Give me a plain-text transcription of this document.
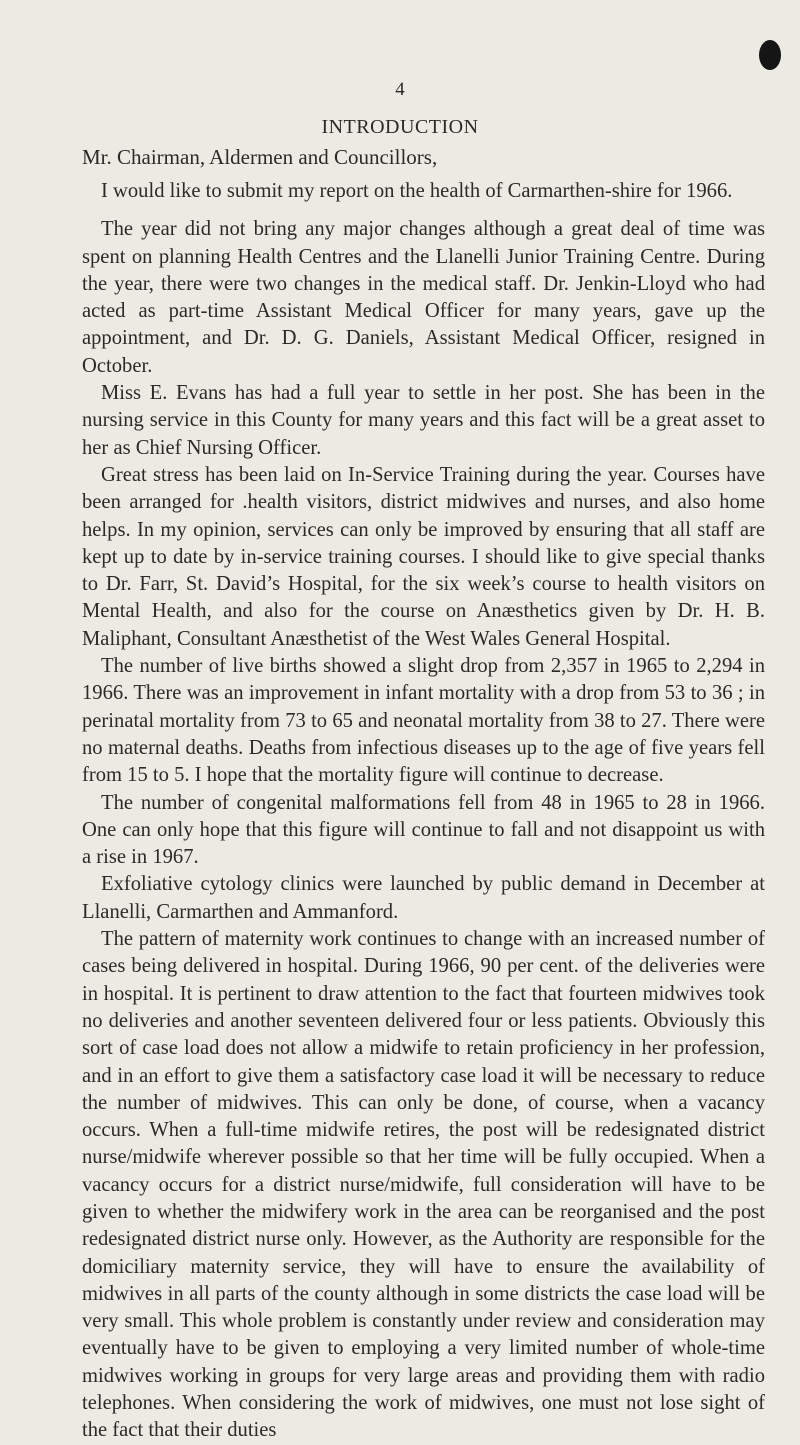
4
INTRODUCTION

Mr. Chairman, Aldermen and Councillors,

I would like to submit my report on the health of Carmarthen-shire for 1966.

The year did not bring any major changes although a great deal of time was spent on planning Health Centres and the Llanelli Junior Training Centre. During the year, there were two changes in the medical staff. Dr. Jenkin-Lloyd who had acted as part-time Assistant Medical Officer for many years, gave up the appointment, and Dr. D. G. Daniels, Assistant Medical Officer, resigned in October.

Miss E. Evans has had a full year to settle in her post. She has been in the nursing service in this County for many years and this fact will be a great asset to her as Chief Nursing Officer.

Great stress has been laid on In-Service Training during the year. Courses have been arranged for .health visitors, district midwives and nurses, and also home helps. In my opinion, services can only be improved by ensuring that all staff are kept up to date by in-service training courses. I should like to give special thanks to Dr. Farr, St. David’s Hospital, for the six week’s course to health visitors on Mental Health, and also for the course on Anæsthetics given by Dr. H. B. Maliphant, Consultant Anæsthetist of the West Wales General Hospital.

The number of live births showed a slight drop from 2,357 in 1965 to 2,294 in 1966. There was an improvement in infant mortality with a drop from 53 to 36 ; in perinatal mortality from 73 to 65 and neonatal mortality from 38 to 27. There were no maternal deaths. Deaths from infectious diseases up to the age of five years fell from 15 to 5. I hope that the mortality figure will continue to decrease.

The number of congenital malformations fell from 48 in 1965 to 28 in 1966. One can only hope that this figure will continue to fall and not disappoint us with a rise in 1967.

Exfoliative cytology clinics were launched by public demand in December at Llanelli, Carmarthen and Ammanford.

The pattern of maternity work continues to change with an increased number of cases being delivered in hospital. During 1966, 90 per cent. of the deliveries were in hospital. It is pertinent to draw attention to the fact that fourteen midwives took no deliveries and another seventeen delivered four or less patients. Obviously this sort of case load does not allow a midwife to retain proficiency in her profession, and in an effort to give them a satisfactory case load it will be necessary to reduce the number of midwives. This can only be done, of course, when a vacancy occurs. When a full-time midwife retires, the post will be redesignated district nurse/midwife wherever possible so that her time will be fully occupied. When a vacancy occurs for a district nurse/midwife, full consideration will have to be given to whether the midwifery work in the area can be reorganised and the post redesignated district nurse only. However, as the Authority are responsible for the domiciliary maternity service, they will have to ensure the availability of midwives in all parts of the county although in some districts the case load will be very small. This whole problem is constantly under review and consideration may eventually have to be given to employing a very limited number of whole-time midwives working in groups for very large areas and providing them with radio telephones. When considering the work of midwives, one must not lose sight of the fact that their duties
